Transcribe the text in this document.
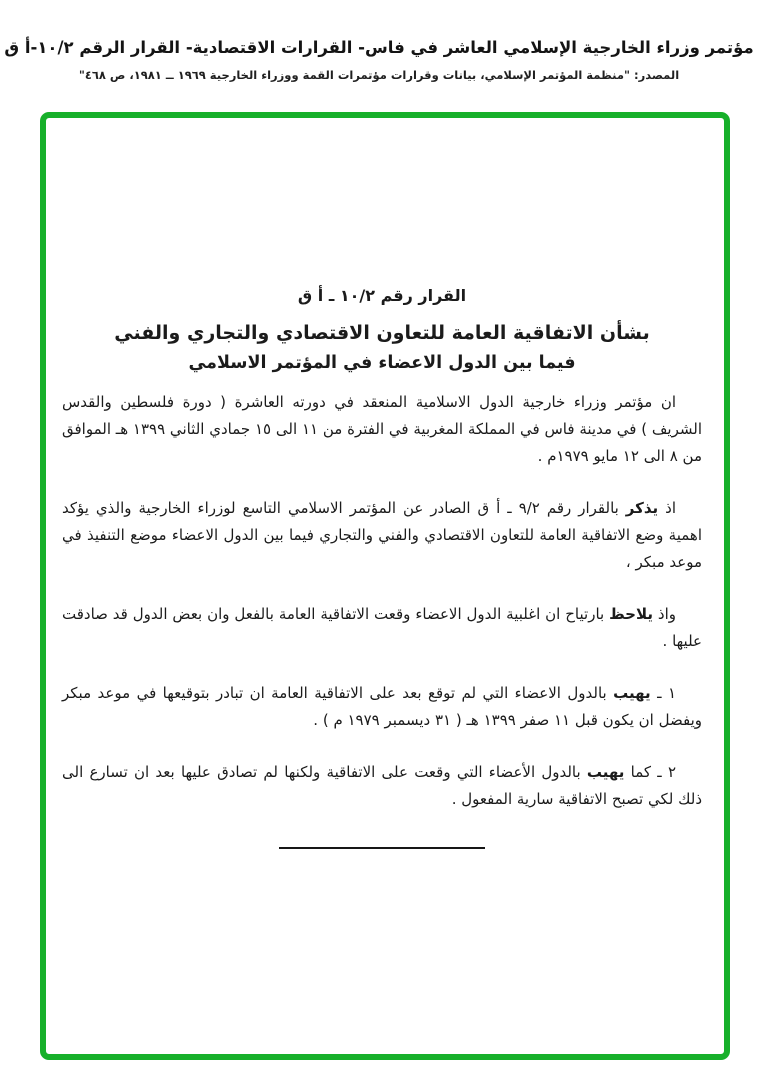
مؤتمر وزراء الخارجية الإسلامي العاشر في فاس- القرارات الاقتصادية- القرار الرقم ١٠/٢-أ ق
المصدر: "منظمة المؤتمر الإسلامي، بيانات وقرارات مؤتمرات القمة ووزراء الخارجية ١٩٦٩ ــ ١٩٨١، ص ٤٦٨"
القرار رقم ١٠/٢ ـ أ ق
بشأن الاتفاقية العامة للتعاون الاقتصادي والتجاري والفني
فيما بين الدول الاعضاء في المؤتمر الاسلامي

ان مؤتمر وزراء خارجية الدول الاسلامية المنعقد في دورته العاشرة ( دورة فلسطين والقدس الشريف ) في مدينة فاس في المملكة المغربية في الفترة من ١١ الى ١٥ جمادي الثاني ١٣٩٩ هـ الموافق من ٨ الى ١٢ مايو ١٩٧٩م .

اذ يذكر بالقرار رقم ٩/٢ ـ أ ق الصادر عن المؤتمر الاسلامي التاسع لوزراء الخارجية والذي يؤكد اهمية وضع الاتفاقية العامة للتعاون الاقتصادي والفني والتجاري فيما بين الدول الاعضاء موضع التنفيذ في موعد مبكر ،

واذ يلاحظ بارتياح ان اغلبية الدول الاعضاء وقعت الاتفاقية العامة بالفعل وان بعض الدول قد صادقت عليها .

١ ـ يهيب بالدول الاعضاء التي لم توقع بعد على الاتفاقية العامة ان تبادر بتوقيعها في موعد مبكر ويفضل ان يكون قبل ١١ صفر ١٣٩٩ هـ ( ٣١ ديسمبر ١٩٧٩ م ) .

٢ ـ كما يهيب بالدول الأعضاء التي وقعت على الاتفاقية ولكنها لم تصادق عليها بعد ان تسارع الى ذلك لكي تصبح الاتفاقية سارية المفعول .
